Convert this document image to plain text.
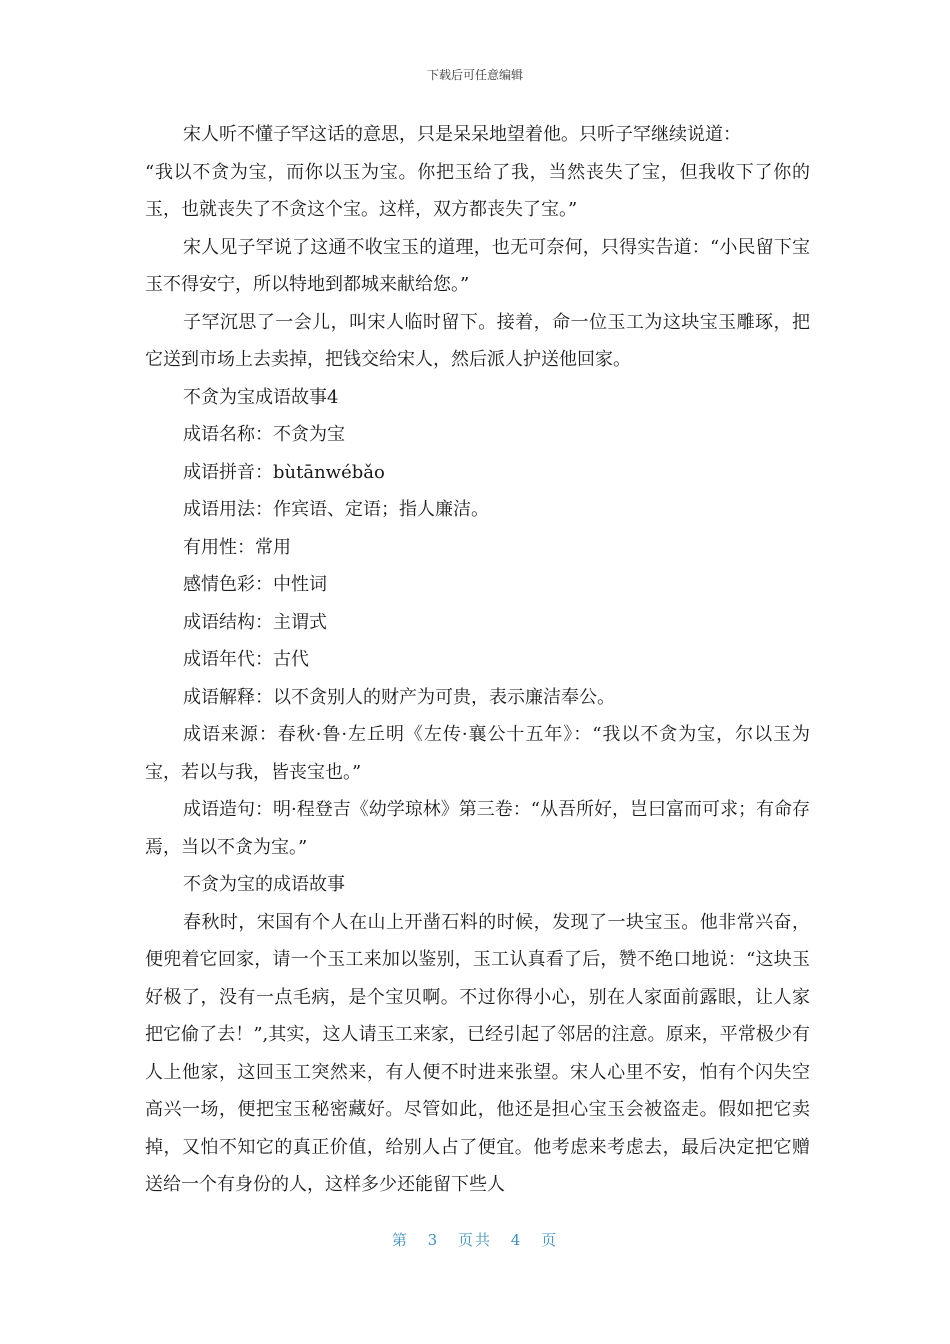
下载后可任意编辑

宋人听不懂子罕这话的意思，只是呆呆地望着他。只听子罕继续说道：

“我以不贪为宝，而你以玉为宝。你把玉给了我，当然丧失了宝，但我收下了你的玉，也就丧失了不贪这个宝。这样，双方都丧失了宝。”

宋人见子罕说了这通不收宝玉的道理，也无可奈何，只得实告道：“小民留下宝玉不得安宁，所以特地到都城来献给您。”

子罕沉思了一会儿，叫宋人临时留下。接着，命一位玉工为这块宝玉雕琢，把它送到市场上去卖掉，把钱交给宋人，然后派人护送他回家。

不贪为宝成语故事4

成语名称：不贪为宝

成语拼音：bùtānwébǎo

成语用法：作宾语、定语；指人廉洁。

有用性：常用

感情色彩：中性词

成语结构：主谓式

成语年代：古代

成语解释：以不贪别人的财产为可贵，表示廉洁奉公。

成语来源：春秋·鲁·左丘明《左传·襄公十五年》：“我以不贪为宝，尔以玉为宝，若以与我，皆丧宝也。”

成语造句：明·程登吉《幼学琼林》第三卷：“从吾所好，岂曰富而可求；有命存焉，当以不贪为宝。”

不贪为宝的成语故事

春秋时，宋国有个人在山上开凿石料的时候，发现了一块宝玉。他非常兴奋，便兜着它回家，请一个玉工来加以鉴别，玉工认真看了后，赞不绝口地说：“这块玉好极了，没有一点毛病，是个宝贝啊。不过你得小心，别在人家面前露眼，让人家把它偷了去！”,其实，这人请玉工来家，已经引起了邻居的注意。原来，平常极少有人上他家，这回玉工突然来，有人便不时进来张望。宋人心里不安，怕有个闪失空高兴一场，便把宝玉秘密藏好。尽管如此，他还是担心宝玉会被盗走。假如把它卖掉，又怕不知它的真正价值，给别人占了便宜。他考虑来考虑去，最后决定把它赠送给一个有身份的人，这样多少还能留下些人

第 3 页共 4 页
